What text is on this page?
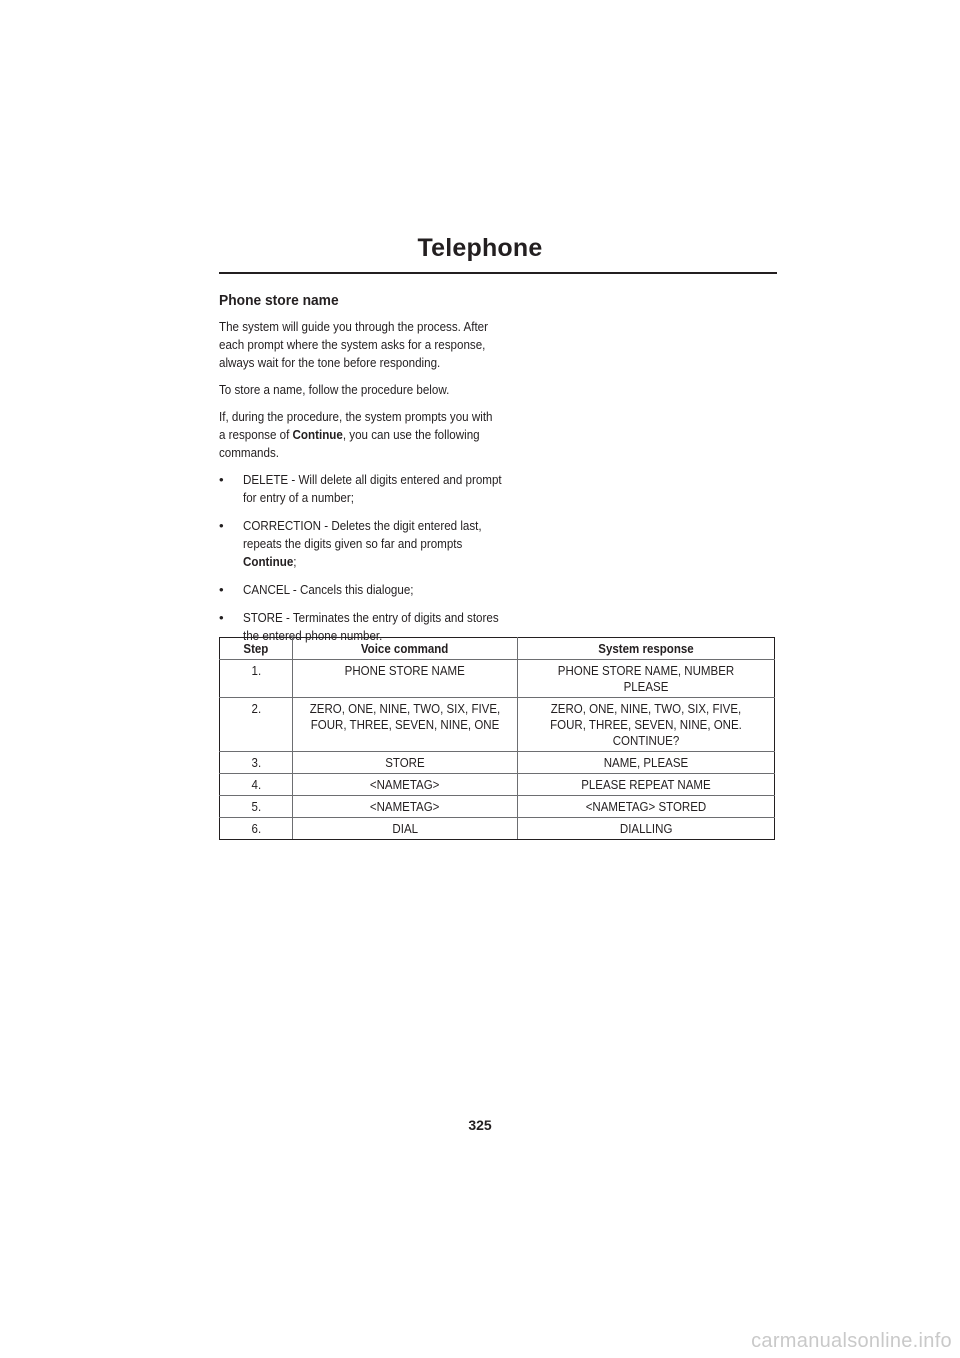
Telephone
Phone store name

The system will guide you through the process. After each prompt where the system asks for a response, always wait for the tone before responding.

To store a name, follow the procedure below.

If, during the procedure, the system prompts you with a response of Continue, you can use the following commands.

• DELETE - Will delete all digits entered and prompt for entry of a number;
• CORRECTION - Deletes the digit entered last, repeats the digits given so far and prompts Continue;
• CANCEL - Cancels this dialogue;
• STORE - Terminates the entry of digits and stores the entered phone number.
Step	Voice command	System response
1.	PHONE STORE NAME	PHONE STORE NAME, NUMBER PLEASE
2.	ZERO, ONE, NINE, TWO, SIX, FIVE, FOUR, THREE, SEVEN, NINE, ONE	ZERO, ONE, NINE, TWO, SIX, FIVE, FOUR, THREE, SEVEN, NINE, ONE. CONTINUE?
3.	STORE	NAME, PLEASE
4.	<NAMETAG>	PLEASE REPEAT NAME
5.	<NAMETAG>	<NAMETAG> STORED
6.	DIAL	DIALLING
325
carmanualsonline.info
